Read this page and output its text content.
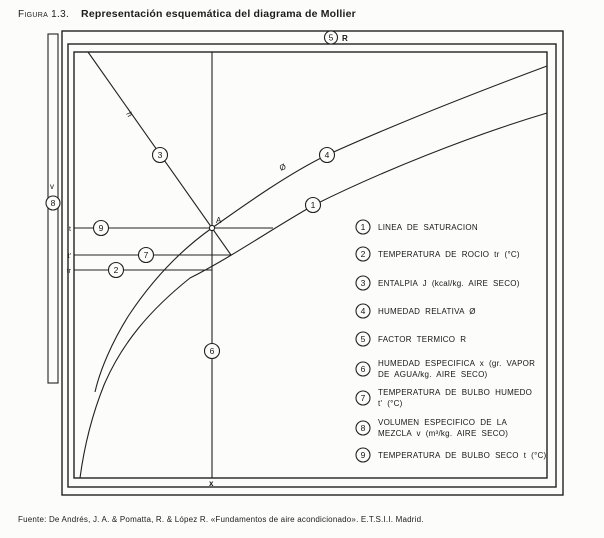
Figura 1.3. Representación esquemática del diagrama de Mollier
v
A
h
Ø
x
t
t'
tr
1
2
3	4
5 R
6
7
8
9	1 LINEA DE SATURACION
2 TEMPERATURA DE ROCIO tr (°C)
3 ENTALPIA J (kcal/kg. AIRE SECO)
4 HUMEDAD RELATIVA Ø
5 FACTOR TERMICO R
6
HUMEDAD ESPECIFICA x (gr. VAPOR
DE AGUA/kg. AIRE SECO)
7
TEMPERATURA DE BULBO HUMEDO
t' (°C)
8
VOLUMEN ESPECIFICO DE LA
MEZCLA v (m³/kg. AIRE SECO)
9 TEMPERATURA DE BULBO SECO t (°C)
Fuente: De Andrés, J. A. & Pomatta, R. & López R. «Fundamentos de aire acondicionado». E.T.S.I.I. Madrid.
